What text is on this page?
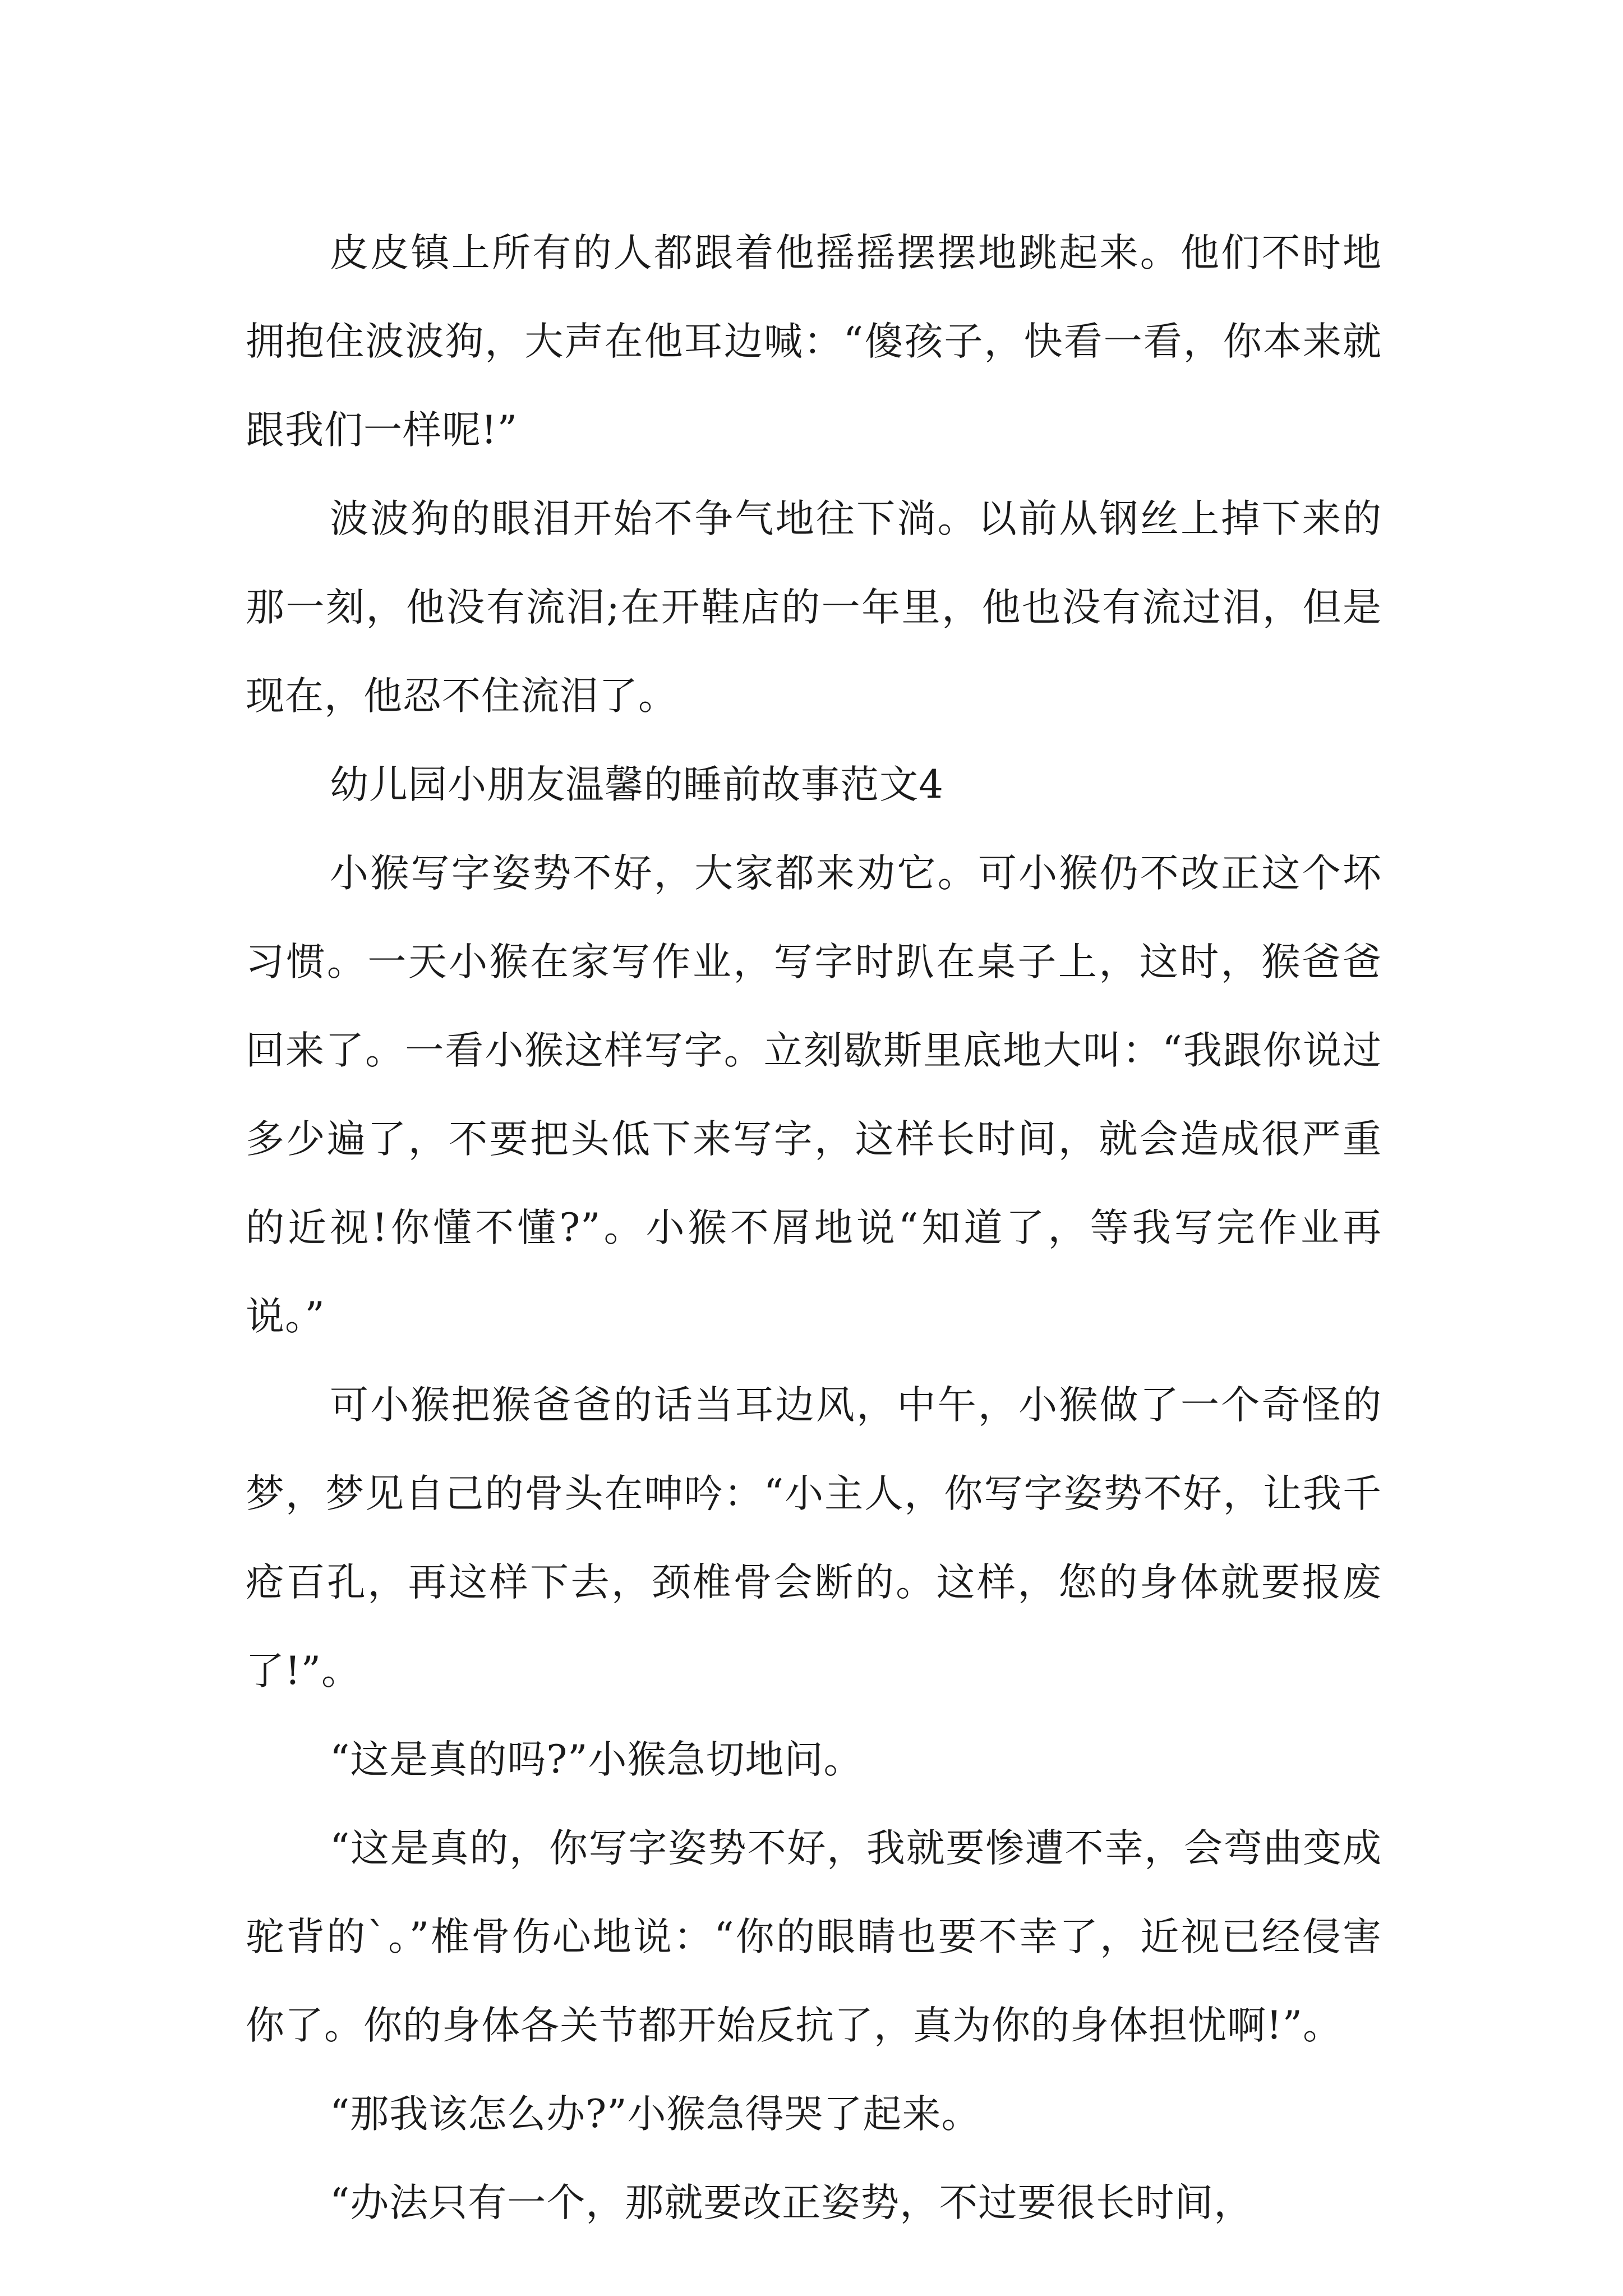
皮皮镇上所有的人都跟着他摇摇摆摆地跳起来。他们不时地拥抱住波波狗，大声在他耳边喊：“傻孩子，快看一看，你本来就跟我们一样呢!”

波波狗的眼泪开始不争气地往下淌。以前从钢丝上掉下来的那一刻，他没有流泪;在开鞋店的一年里，他也没有流过泪，但是现在，他忍不住流泪了。

幼儿园小朋友温馨的睡前故事范文4

小猴写字姿势不好，大家都来劝它。可小猴仍不改正这个坏习惯。一天小猴在家写作业，写字时趴在桌子上，这时，猴爸爸回来了。一看小猴这样写字。立刻歇斯里底地大叫：“我跟你说过多少遍了，不要把头低下来写字，这样长时间，就会造成很严重的近视!你懂不懂?”。小猴不屑地说“知道了，等我写完作业再说。”

可小猴把猴爸爸的话当耳边风，中午，小猴做了一个奇怪的梦，梦见自己的骨头在呻吟：“小主人，你写字姿势不好，让我千疮百孔，再这样下去，颈椎骨会断的。这样，您的身体就要报废了!”。

“这是真的吗?”小猴急切地问。

“这是真的，你写字姿势不好，我就要惨遭不幸，会弯曲变成驼背的`。”椎骨伤心地说：“你的眼睛也要不幸了，近视已经侵害你了。你的身体各关节都开始反抗了，真为你的身体担忧啊!”。

“那我该怎么办?”小猴急得哭了起来。

“办法只有一个，那就要改正姿势，不过要很长时间，
